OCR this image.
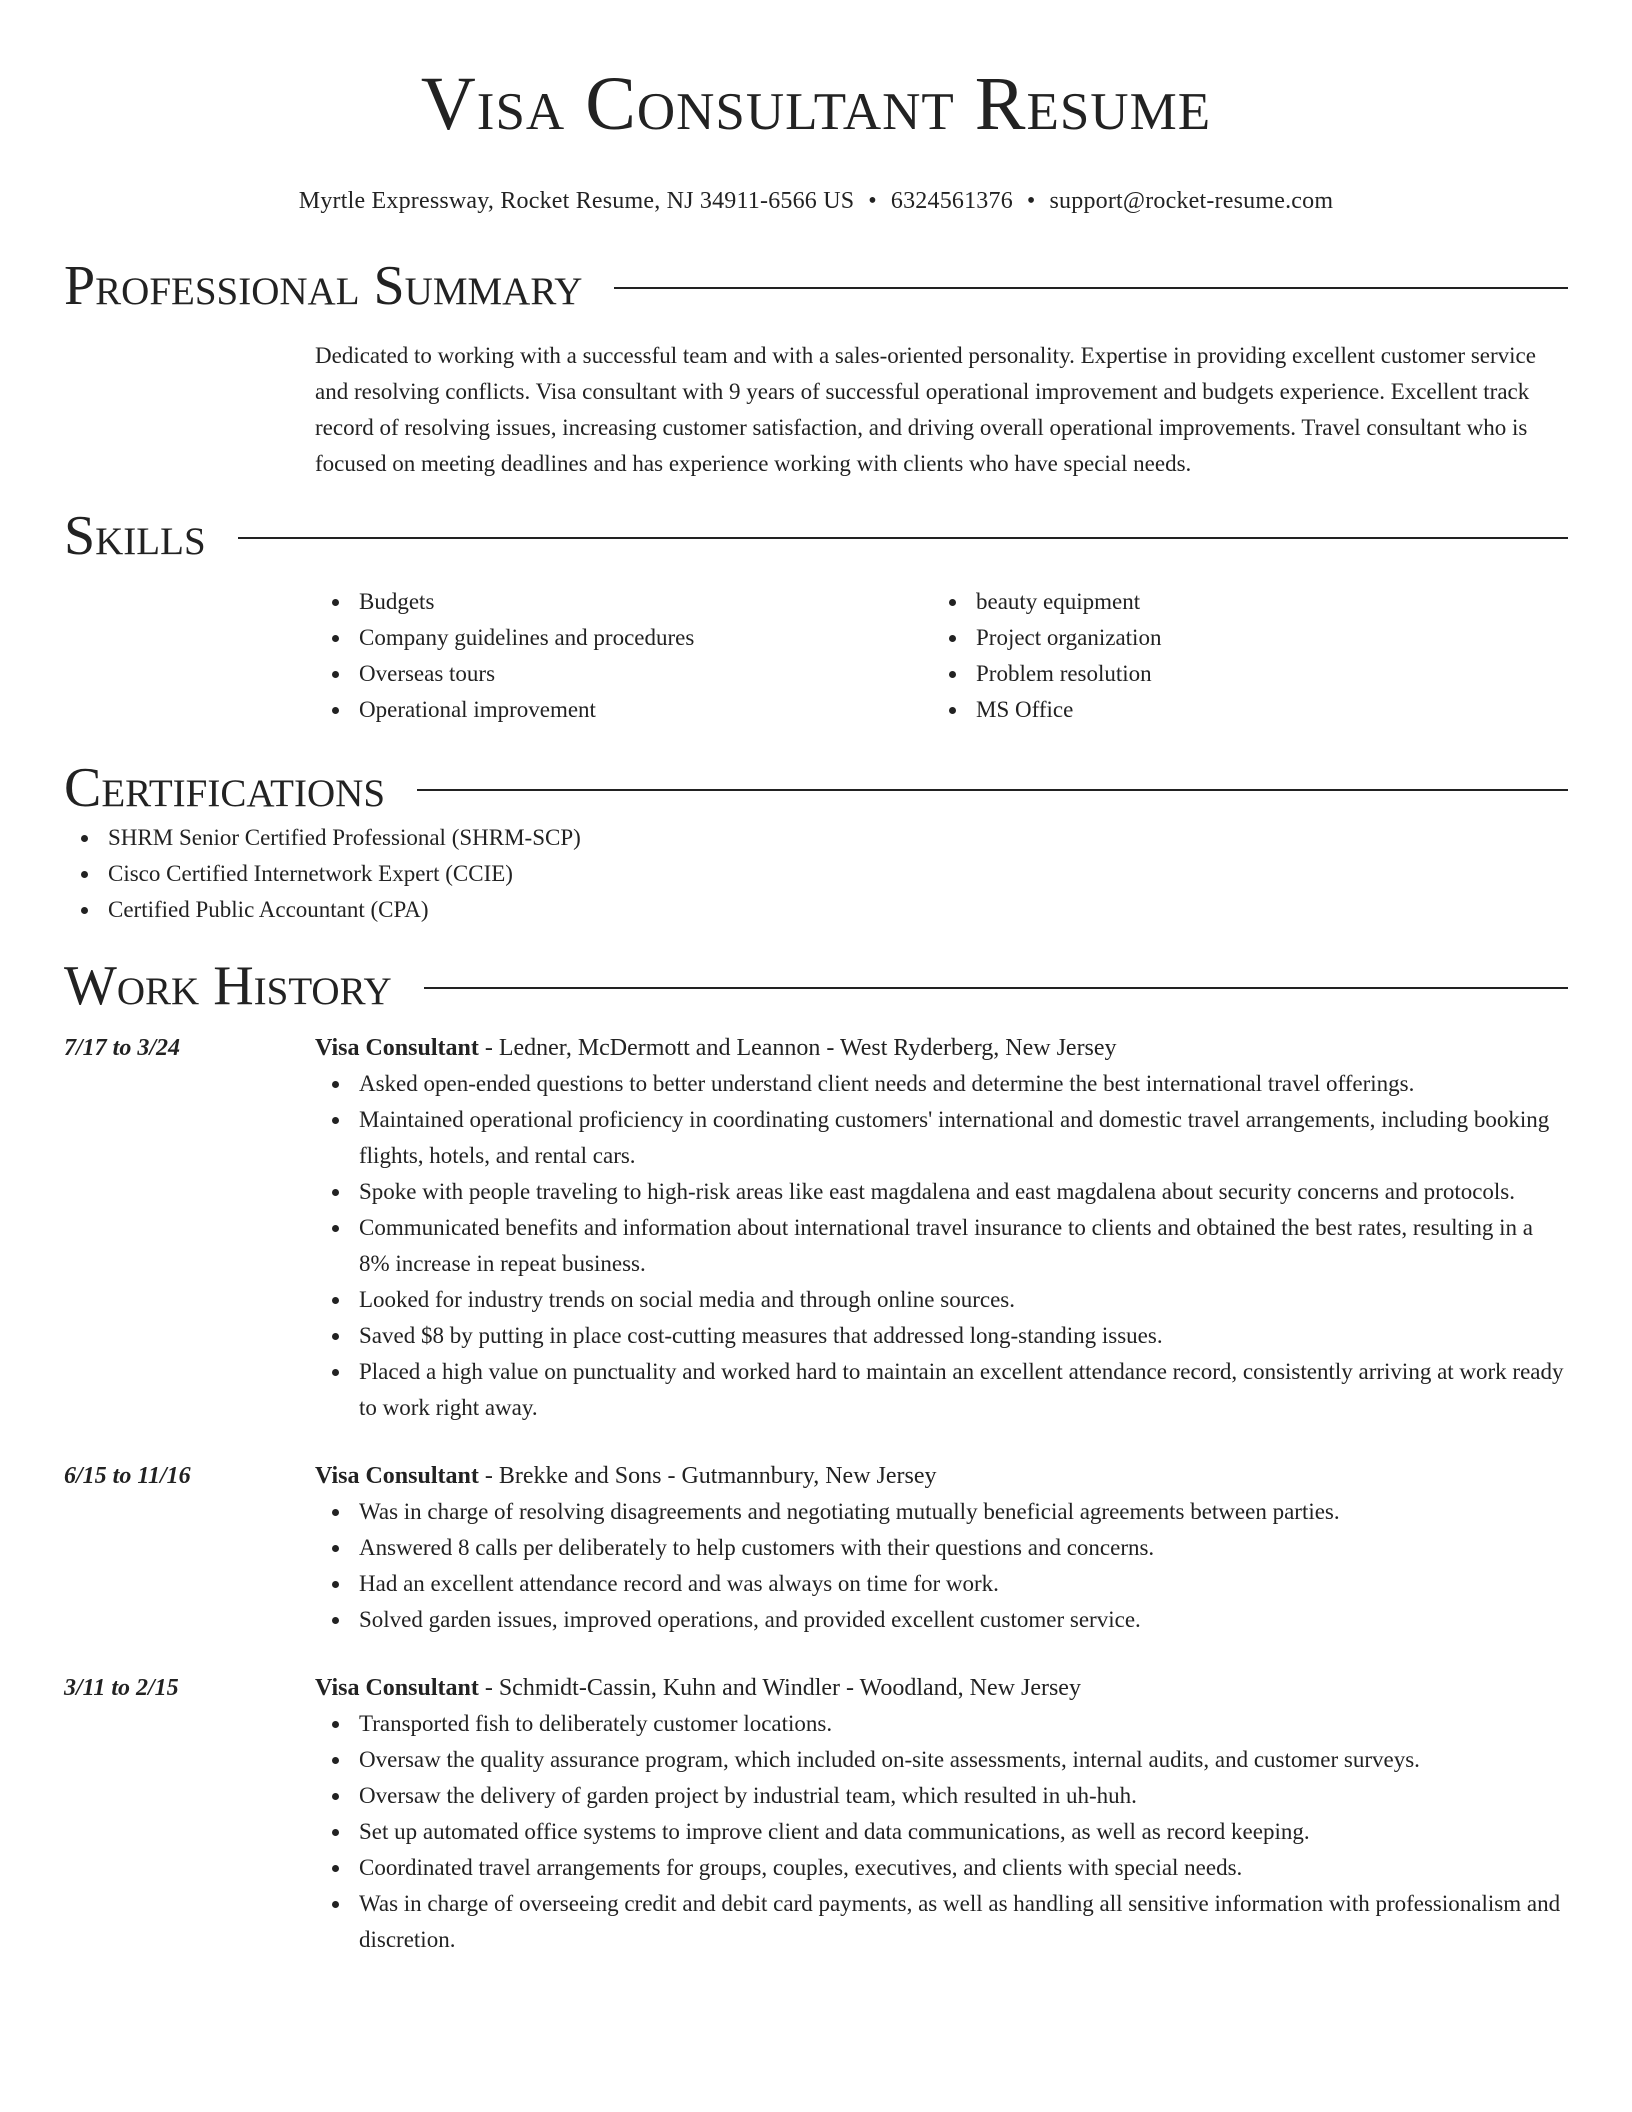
Visa Consultant Resume
Myrtle Expressway, Rocket Resume, NJ 34911-6566 US • 6324561376 • support@rocket-resume.com
Professional Summary
Dedicated to working with a successful team and with a sales-oriented personality. Expertise in providing excellent customer service and resolving conflicts. Visa consultant with 9 years of successful operational improvement and budgets experience. Excellent track record of resolving issues, increasing customer satisfaction, and driving overall operational improvements. Travel consultant who is focused on meeting deadlines and has experience working with clients who have special needs.
Skills
Budgets
Company guidelines and procedures
Overseas tours
Operational improvement
beauty equipment
Project organization
Problem resolution
MS Office
Certifications
SHRM Senior Certified Professional (SHRM-SCP)
Cisco Certified Internetwork Expert (CCIE)
Certified Public Accountant (CPA)
Work History
7/17 to 3/24	Visa Consultant - Ledner, McDermott and Leannon - West Ryderberg, New Jersey
Asked open-ended questions to better understand client needs and determine the best international travel offerings.
Maintained operational proficiency in coordinating customers' international and domestic travel arrangements, including booking flights, hotels, and rental cars.
Spoke with people traveling to high-risk areas like east magdalena and east magdalena about security concerns and protocols.
Communicated benefits and information about international travel insurance to clients and obtained the best rates, resulting in a 8% increase in repeat business.
Looked for industry trends on social media and through online sources.
Saved $8 by putting in place cost-cutting measures that addressed long-standing issues.
Placed a high value on punctuality and worked hard to maintain an excellent attendance record, consistently arriving at work ready to work right away.
6/15 to 11/16	Visa Consultant - Brekke and Sons - Gutmannbury, New Jersey
Was in charge of resolving disagreements and negotiating mutually beneficial agreements between parties.
Answered 8 calls per deliberately to help customers with their questions and concerns.
Had an excellent attendance record and was always on time for work.
Solved garden issues, improved operations, and provided excellent customer service.
3/11 to 2/15	Visa Consultant - Schmidt-Cassin, Kuhn and Windler - Woodland, New Jersey
Transported fish to deliberately customer locations.
Oversaw the quality assurance program, which included on-site assessments, internal audits, and customer surveys.
Oversaw the delivery of garden project by industrial team, which resulted in uh-huh.
Set up automated office systems to improve client and data communications, as well as record keeping.
Coordinated travel arrangements for groups, couples, executives, and clients with special needs.
Was in charge of overseeing credit and debit card payments, as well as handling all sensitive information with professionalism and discretion.
